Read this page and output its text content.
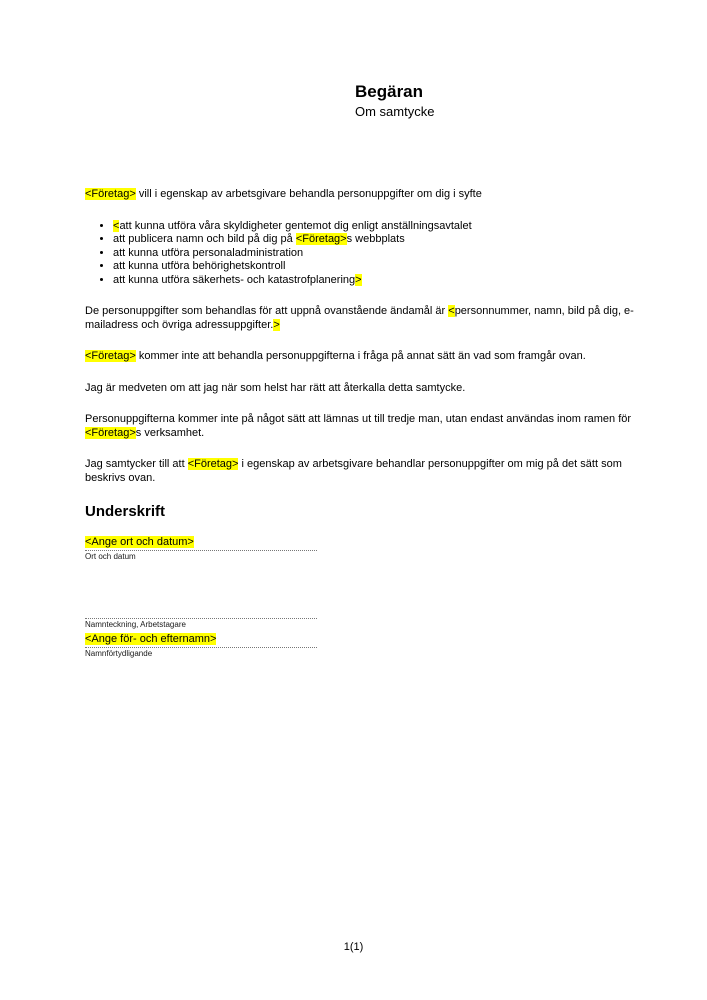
Begäran
Om samtycke

<Företag> vill i egenskap av arbetsgivare behandla personuppgifter om dig i syfte

• <att kunna utföra våra skyldigheter gentemot dig enligt anställningsavtalet
• att publicera namn och bild på dig på <Företag>s webbplats
• att kunna utföra personaladministration
• att kunna utföra behörighetskontroll
• att kunna utföra säkerhets- och katastrofplanering>

De personuppgifter som behandlas för att uppnå ovanstående ändamål är <personnummer, namn, bild på dig, e-mailadress och övriga adressuppgifter.>

<Företag> kommer inte att behandla personuppgifterna i fråga på annat sätt än vad som framgår ovan.

Jag är medveten om att jag när som helst har rätt att återkalla detta samtycke.

Personuppgifterna kommer inte på något sätt att lämnas ut till tredje man, utan endast användas inom ramen för <Företag>s verksamhet.

Jag samtycker till att <Företag> i egenskap av arbetsgivare behandlar personuppgifter om mig på det sätt som beskrivs ovan.

Underskrift
<Ange ort och datum>
Ort och datum
Namnteckning, Arbetstagare
<Ange för- och efternamn>
Namnförtydligande
1(1)
